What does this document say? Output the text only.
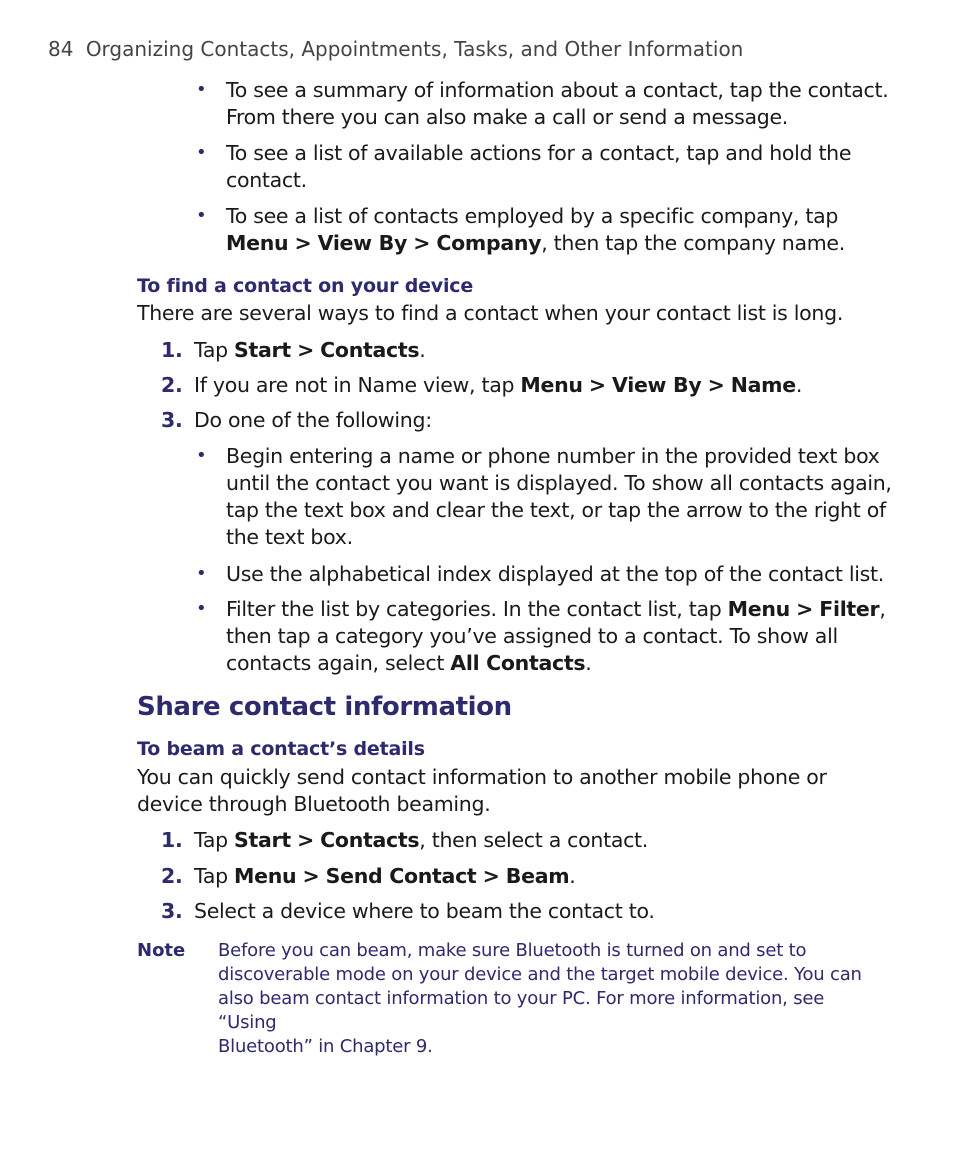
84 Organizing Contacts, Appointments, Tasks, and Other Information
• To see a summary of information about a contact, tap the contact.
From there you can also make a call or send a message.
• To see a list of available actions for a contact, tap and hold the
contact.
• To see a list of contacts employed by a specific company, tap
Menu > View By > Company, then tap the company name.
To find a contact on your device
There are several ways to find a contact when your contact list is long.
1. Tap Start > Contacts.
2. If you are not in Name view, tap Menu > View By > Name.
3. Do one of the following:
• Begin entering a name or phone number in the provided text box
until the contact you want is displayed. To show all contacts again,
tap the text box and clear the text, or tap the arrow to the right of
the text box.
• Use the alphabetical index displayed at the top of the contact list.
• Filter the list by categories. In the contact list, tap Menu > Filter,
then tap a category you’ve assigned to a contact. To show all
contacts again, select All Contacts.
Share contact information
To beam a contact’s details
You can quickly send contact information to another mobile phone or
device through Bluetooth beaming.
1. Tap Start > Contacts, then select a contact.
2. Tap Menu > Send Contact > Beam.
3. Select a device where to beam the contact to.
Note Before you can beam, make sure Bluetooth is turned on and set to
discoverable mode on your device and the target mobile device. You can
also beam contact information to your PC. For more information, see “Using
Bluetooth” in Chapter 9.
